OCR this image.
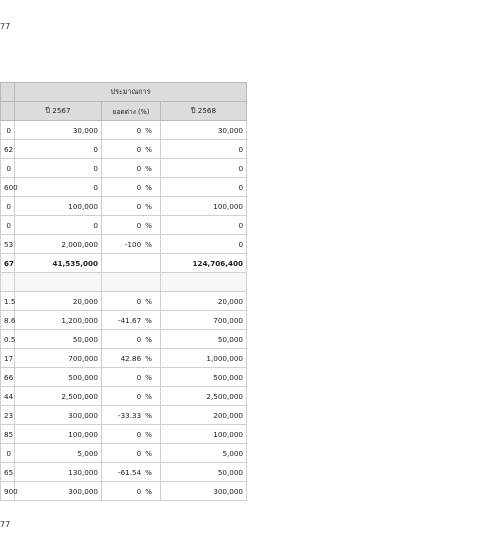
77
	ประมาณการ		
	ปี 2567	ยอดต่าง (%)	ปี 2568
0	30,000	0 %	30,000
62	0	0 %	0
0	0	0 %	0
600	0	0 %	0
0	100,000	0 %	100,000
0	0	0 %	0
53	2,000,000	-100 %	0
67	41,535,000		124,706,400

1.5	20,000	0 %	20,000
8.6	1,200,000	-41.67 %	700,000
0.5	50,000	0 %	50,000
17	700,000	42.86 %	1,000,000
66	500,000	0 %	500,000
44	2,500,000	0 %	2,500,000
23	300,000	-33.33 %	200,000
85	100,000	0 %	100,000
0	5,000	0 %	5,000
65	130,000	-61.54 %	50,000
900	300,000	0 %	300,000
77
